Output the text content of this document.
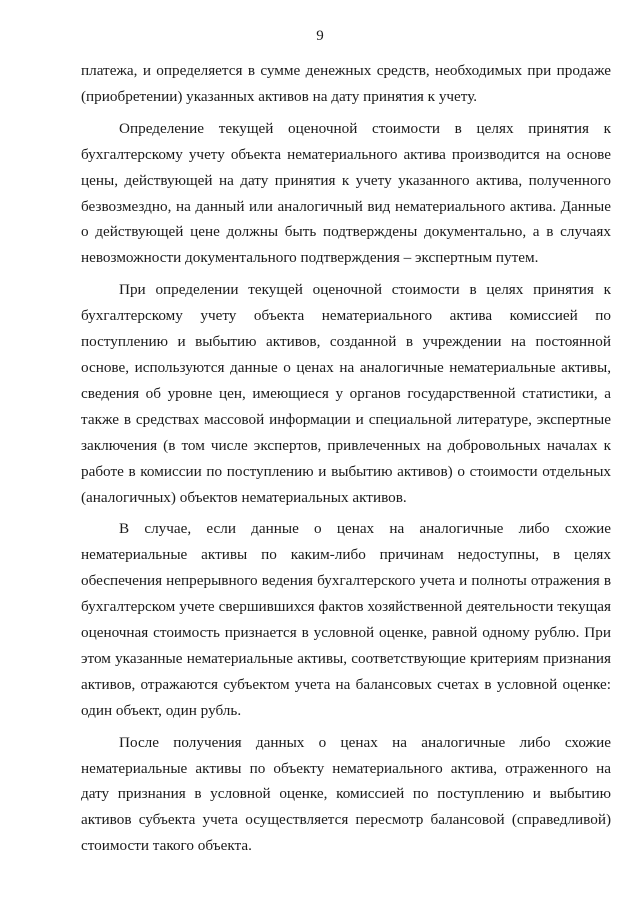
9

платежа, и определяется в сумме денежных средств, необходимых при продаже (приобретении) указанных активов на дату принятия к учету.

Определение текущей оценочной стоимости в целях принятия к бухгалтерскому учету объекта нематериального актива производится на основе цены, действующей на дату принятия к учету указанного актива, полученного безвозмездно, на данный или аналогичный вид нематериального актива. Данные о действующей цене должны быть подтверждены документально, а в случаях невозможности документального подтверждения – экспертным путем.

При определении текущей оценочной стоимости в целях принятия к бухгалтерскому учету объекта нематериального актива комиссией по поступлению и выбытию активов, созданной в учреждении на постоянной основе, используются данные о ценах на аналогичные нематериальные активы, сведения об уровне цен, имеющиеся у органов государственной статистики, а также в средствах массовой информации и специальной литературе, экспертные заключения (в том числе экспертов, привлеченных на добровольных началах к работе в комиссии по поступлению и выбытию активов) о стоимости отдельных (аналогичных) объектов нематериальных активов.

В случае, если данные о ценах на аналогичные либо схожие нематериальные активы по каким-либо причинам недоступны, в целях обеспечения непрерывного ведения бухгалтерского учета и полноты отражения в бухгалтерском учете свершившихся фактов хозяйственной деятельности текущая оценочная стоимость признается в условной оценке, равной одному рублю. При этом указанные нематериальные активы, соответствующие критериям признания активов, отражаются субъектом учета на балансовых счетах в условной оценке: один объект, один рубль.

После получения данных о ценах на аналогичные либо схожие нематериальные активы по объекту нематериального актива, отраженного на дату признания в условной оценке, комиссией по поступлению и выбытию активов субъекта учета осуществляется пересмотр балансовой (справедливой) стоимости такого объекта.
